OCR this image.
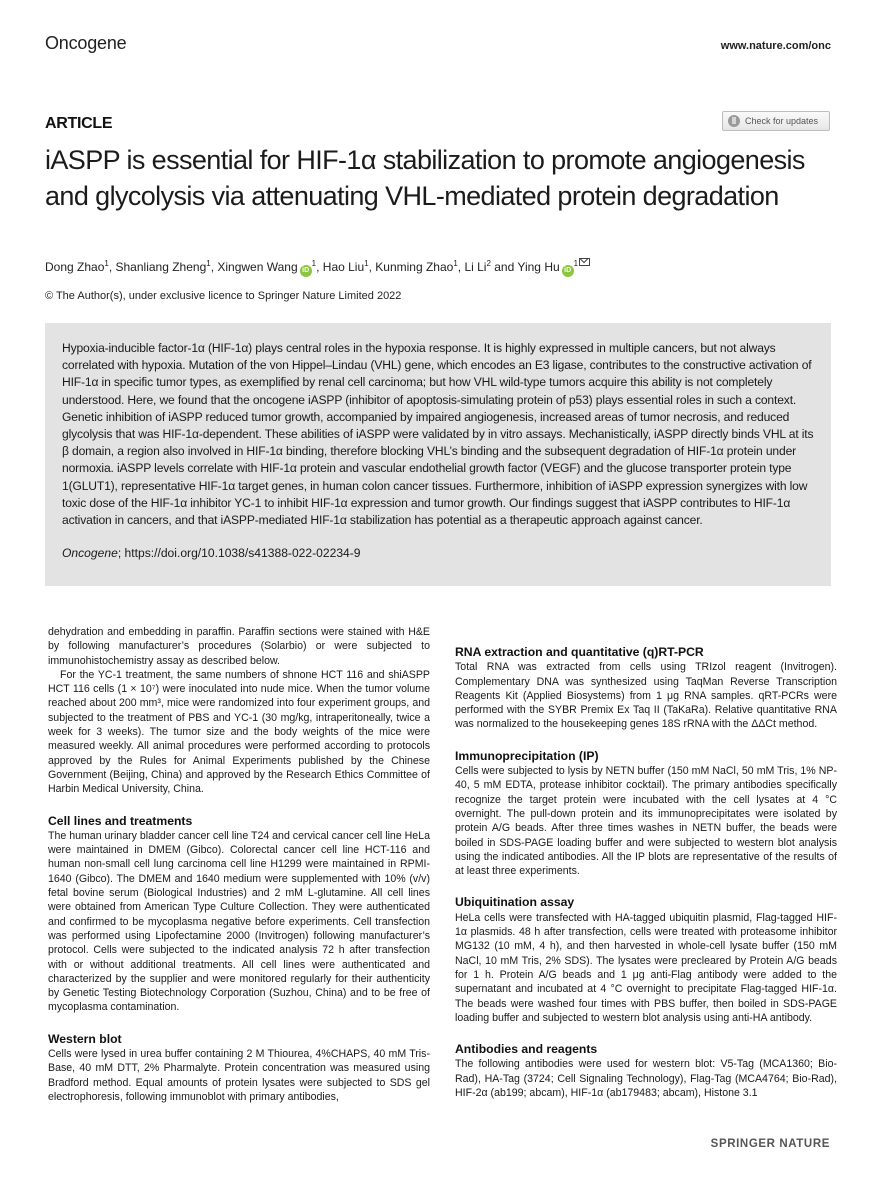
Oncogene	www.nature.com/onc
ARTICLE	Check for updates
iASPP is essential for HIF-1α stabilization to promote angiogenesis and glycolysis via attenuating VHL-mediated protein degradation
Dong Zhao$^1$, Shanliang Zheng$^1$, Xingwen Wang $iD^1$, Hao Liu$^1$, Kunming Zhao$^1$, Li Li$^2$ and Ying Hu $iD^1$
© The Author(s), under exclusive licence to Springer Nature Limited 2022

Hypoxia-inducible factor-1α (HIF-1α) plays central roles in the hypoxia response. It is highly expressed in multiple cancers, but not always correlated with hypoxia. Mutation of the von Hippel–Lindau (VHL) gene, which encodes an E3 ligase, contributes to the constructive activation of HIF-1α in specific tumor types, as exemplified by renal cell carcinoma; but how VHL wild-type tumors acquire this ability is not completely understood. Here, we found that the oncogene iASPP (inhibitor of apoptosis-simulating protein of p53) plays essential roles in such a context. Genetic inhibition of iASPP reduced tumor growth, accompanied by impaired angiogenesis, increased areas of tumor necrosis, and reduced glycolysis that was HIF-1α-dependent. These abilities of iASPP were validated by in vitro assays. Mechanistically, iASPP directly binds VHL at its β domain, a region also involved in HIF-1α binding, therefore blocking VHL’s binding and the subsequent degradation of HIF-1α protein under normoxia. iASPP levels correlate with HIF-1α protein and vascular endothelial growth factor (VEGF) and the glucose transporter protein type 1(GLUT1), representative HIF-1α target genes, in human colon cancer tissues. Furthermore, inhibition of iASPP expression synergizes with low toxic dose of the HIF-1α inhibitor YC-1 to inhibit HIF-1α expression and tumor growth. Our findings suggest that iASPP contributes to HIF-1α activation in cancers, and that iASPP-mediated HIF-1α stabilization has potential as a therapeutic approach against cancer.

Oncogene; https://doi.org/10.1038/s41388-022-02234-9

dehydration and embedding in paraffin. Paraffin sections were stained with H&E by following manufacturer’s procedures (Solarbio) or were subjected to immunohistochemistry assay as described below.

For the YC-1 treatment, the same numbers of shnone HCT 116 and shiASPP HCT 116 cells (1 × 10⁷) were inoculated into nude mice. When the tumor volume reached about 200 mm³, mice were randomized into four experiment groups, and subjected to the treatment of PBS and YC-1 (30 mg/kg, intraperitoneally, twice a week for 3 weeks). The tumor size and the body weights of the mice were measured weekly. All animal procedures were performed according to protocols approved by the Rules for Animal Experiments published by the Chinese Government (Beijing, China) and approved by the Research Ethics Committee of Harbin Medical University, China.

Cell lines and treatments

The human urinary bladder cancer cell line T24 and cervical cancer cell line HeLa were maintained in DMEM (Gibco). Colorectal cancer cell line HCT-116 and human non-small cell lung carcinoma cell line H1299 were maintained in RPMI-1640 (Gibco). The DMEM and 1640 medium were supplemented with 10% (v/v) fetal bovine serum (Biological Industries) and 2 mM L-glutamine. All cell lines were obtained from American Type Culture Collection. They were authenticated and confirmed to be mycoplasma negative before experiments. Cell transfection was performed using Lipofectamine 2000 (Invitrogen) following manufacturer’s protocol. Cells were subjected to the indicated analysis 72 h after transfection with or without additional treatments. All cell lines were authenticated and characterized by the supplier and were monitored regularly for their authenticity by Genetic Testing Biotechnology Corporation (Suzhou, China) and to be free of mycoplasma contamination.

Western blot

Cells were lysed in urea buffer containing 2 M Thiourea, 4%CHAPS, 40 mM Tris-Base, 40 mM DTT, 2% Pharmalyte. Protein concentration was measured using Bradford method. Equal amounts of protein lysates were subjected to SDS gel electrophoresis, following immunoblot with primary antibodies,

RNA extraction and quantitative (q)RT-PCR

Total RNA was extracted from cells using TRIzol reagent (Invitrogen). Complementary DNA was synthesized using TaqMan Reverse Transcription Reagents Kit (Applied Biosystems) from 1 μg RNA samples. qRT-PCRs were performed with the SYBR Premix Ex Taq II (TaKaRa). Relative quantitative RNA was normalized to the housekeeping genes 18S rRNA with the ΔΔCt method.

Immunoprecipitation (IP)

Cells were subjected to lysis by NETN buffer (150 mM NaCl, 50 mM Tris, 1% NP- 40, 5 mM EDTA, protease inhibitor cocktail). The primary antibodies specifically recognize the target protein were incubated with the cell lysates at 4 °C overnight. The pull-down protein and its immunoprecipitates were isolated by protein A/G beads. After three times washes in NETN buffer, the beads were boiled in SDS-PAGE loading buffer and were subjected to western blot analysis using the indicated antibodies. All the IP blots are representative of the results of at least three experiments.

Ubiquitination assay

HeLa cells were transfected with HA-tagged ubiquitin plasmid, Flag-tagged HIF-1α plasmids. 48 h after transfection, cells were treated with proteasome inhibitor MG132 (10 mM, 4 h), and then harvested in whole-cell lysate buffer (150 mM NaCl, 10 mM Tris, 2% SDS). The lysates were precleared by Protein A/G beads for 1 h. Protein A/G beads and 1 μg anti-Flag antibody were added to the supernatant and incubated at 4 °C overnight to precipitate Flag-tagged HIF-1α. The beads were washed four times with PBS buffer, then boiled in SDS-PAGE loading buffer and subjected to western blot analysis using anti-HA antibody.

Antibodies and reagents

The following antibodies were used for western blot: V5-Tag (MCA1360; Bio-Rad), HA-Tag (3724; Cell Signaling Technology), Flag-Tag (MCA4764; Bio-Rad), HIF-2α (ab199; abcam), HIF-1α (ab179483; abcam), Histone 3.1

SPRINGER NATURE
